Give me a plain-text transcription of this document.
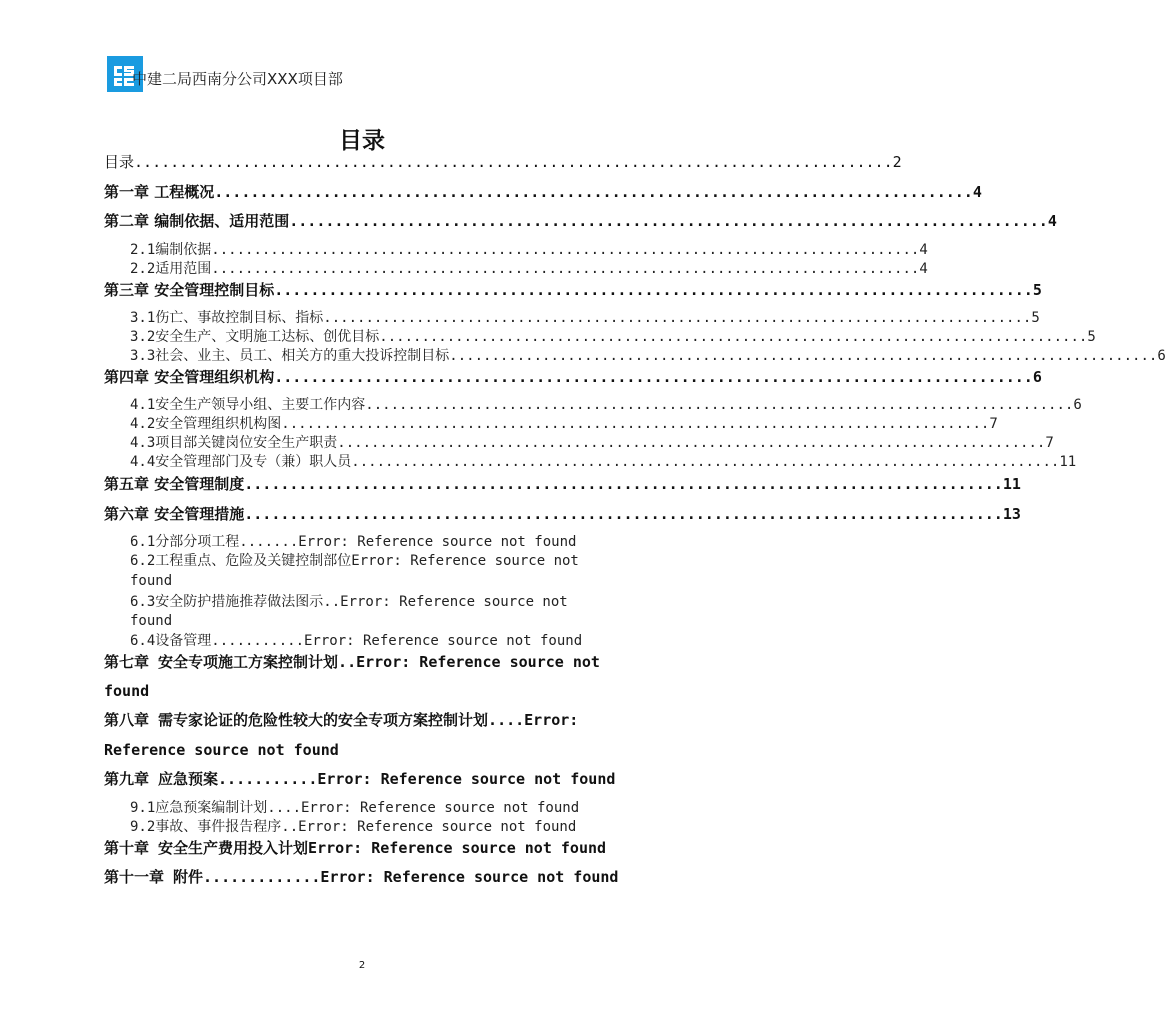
中建二局西南分公司XXX项目部
目录
目录 .................................................................................... 2
第一章 工程概况 .................................................................................... 4
第二章 编制依据、适用范围 .................................................................................... 4
2.1编制依据 .................................................................................... 4
2.2适用范围 .................................................................................... 4
第三章 安全管理控制目标 .................................................................................... 5
3.1伤亡、事故控制目标、指标 .................................................................................... 5
3.2安全生产、文明施工达标、创优目标 .................................................................................... 5
3.3社会、业主、员工、相关方的重大投诉控制目标 .................................................................................... 6
第四章 安全管理组织机构 .................................................................................... 6
4.1安全生产领导小组、主要工作内容 .................................................................................... 6
4.2安全管理组织机构图 .................................................................................... 7
4.3项目部关键岗位安全生产职责 .................................................................................... 7
4.4安全管理部门及专（兼）职人员 .................................................................................... 11
第五章 安全管理制度 .................................................................................... 11
第六章 安全管理措施 .................................................................................... 13
6.1分部分项工程.......Error: Reference source not found
6.2工程重点、危险及关键控制部位Error: Reference source not
found
6.3安全防护措施推荐做法图示..Error: Reference source not
found
6.4设备管理...........Error: Reference source not found
第七章 安全专项施工方案控制计划..Error: Reference source not
found
第八章 需专家论证的危险性较大的安全专项方案控制计划....Error:
Reference source not found
第九章 应急预案...........Error: Reference source not found
9.1应急预案编制计划....Error: Reference source not found
9.2事故、事件报告程序..Error: Reference source not found
第十章 安全生产费用投入计划Error: Reference source not found
第十一章 附件.............Error: Reference source not found
2
